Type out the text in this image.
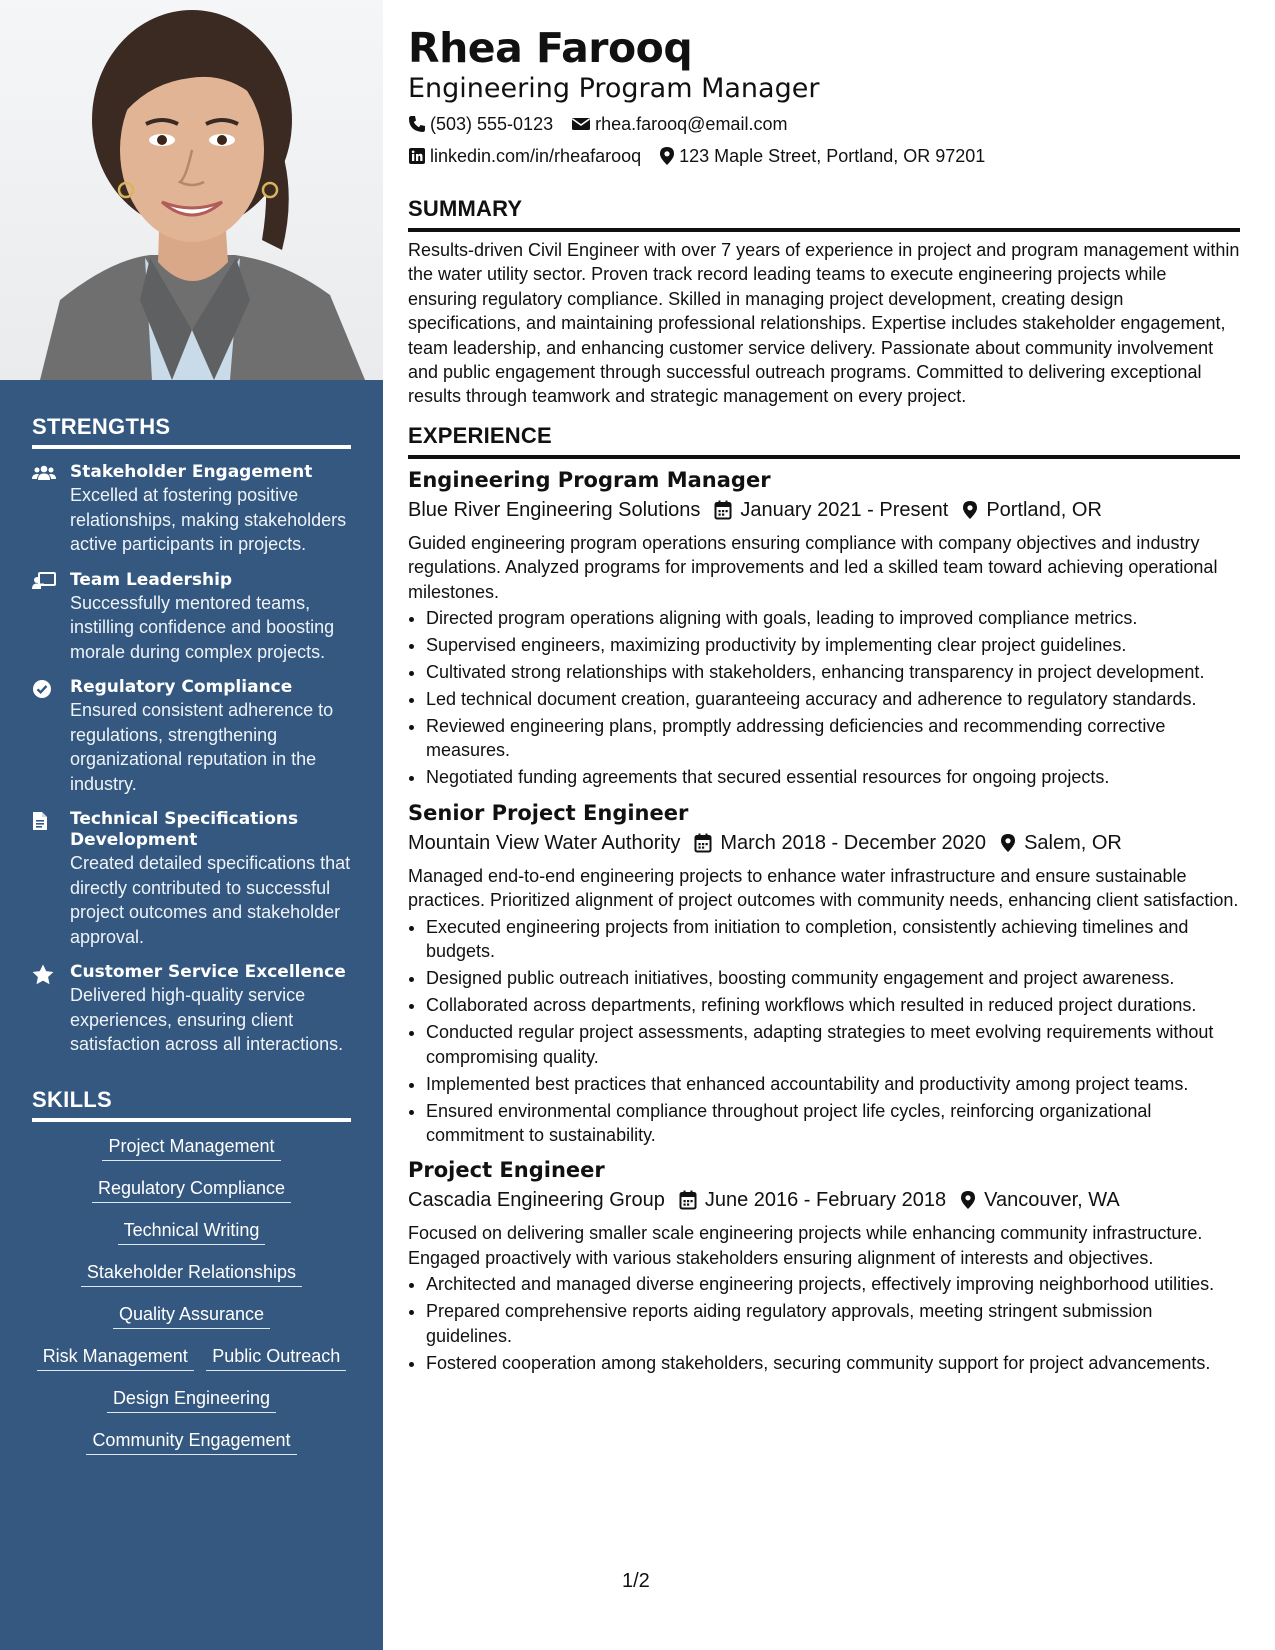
STRENGTHS
Stakeholder Engagement
Excelled at fostering positive relationships, making stakeholders active participants in projects.
Team Leadership
Successfully mentored teams, instilling confidence and boosting morale during complex projects.
Regulatory Compliance
Ensured consistent adherence to regulations, strengthening organizational reputation in the industry.
Technical Specifications Development
Created detailed specifications that directly contributed to successful project outcomes and stakeholder approval.
Customer Service Excellence
Delivered high-quality service experiences, ensuring client satisfaction across all interactions.
SKILLS
Project Management
Regulatory Compliance
Technical Writing
Stakeholder Relationships
Quality Assurance
Risk Management Public Outreach
Design Engineering
Community Engagement
Rhea Farooq
Engineering Program Manager
(503) 555-0123 rhea.farooq@email.com
linkedin.com/in/rheafarooq 123 Maple Street, Portland, OR 97201
SUMMARY
Results-driven Civil Engineer with over 7 years of experience in project and program management within the water utility sector. Proven track record leading teams to execute engineering projects while ensuring regulatory compliance. Skilled in managing project development, creating design specifications, and maintaining professional relationships. Expertise includes stakeholder engagement, team leadership, and enhancing customer service delivery. Passionate about community involvement and public engagement through successful outreach programs. Committed to delivering exceptional results through teamwork and strategic management on every project.
EXPERIENCE
Engineering Program Manager
Blue River Engineering Solutions January 2021 - Present Portland, OR
Guided engineering program operations ensuring compliance with company objectives and industry regulations. Analyzed programs for improvements and led a skilled team toward achieving operational milestones.
• Directed program operations aligning with goals, leading to improved compliance metrics.
• Supervised engineers, maximizing productivity by implementing clear project guidelines.
• Cultivated strong relationships with stakeholders, enhancing transparency in project development.
• Led technical document creation, guaranteeing accuracy and adherence to regulatory standards.
• Reviewed engineering plans, promptly addressing deficiencies and recommending corrective measures.
• Negotiated funding agreements that secured essential resources for ongoing projects.
Senior Project Engineer
Mountain View Water Authority March 2018 - December 2020 Salem, OR
Managed end-to-end engineering projects to enhance water infrastructure and ensure sustainable practices. Prioritized alignment of project outcomes with community needs, enhancing client satisfaction.
• Executed engineering projects from initiation to completion, consistently achieving timelines and budgets.
• Designed public outreach initiatives, boosting community engagement and project awareness.
• Collaborated across departments, refining workflows which resulted in reduced project durations.
• Conducted regular project assessments, adapting strategies to meet evolving requirements without compromising quality.
• Implemented best practices that enhanced accountability and productivity among project teams.
• Ensured environmental compliance throughout project life cycles, reinforcing organizational commitment to sustainability.
Project Engineer
Cascadia Engineering Group June 2016 - February 2018 Vancouver, WA
Focused on delivering smaller scale engineering projects while enhancing community infrastructure. Engaged proactively with various stakeholders ensuring alignment of interests and objectives.
• Architected and managed diverse engineering projects, effectively improving neighborhood utilities.
• Prepared comprehensive reports aiding regulatory approvals, meeting stringent submission guidelines.
• Fostered cooperation among stakeholders, securing community support for project advancements.
1/2
